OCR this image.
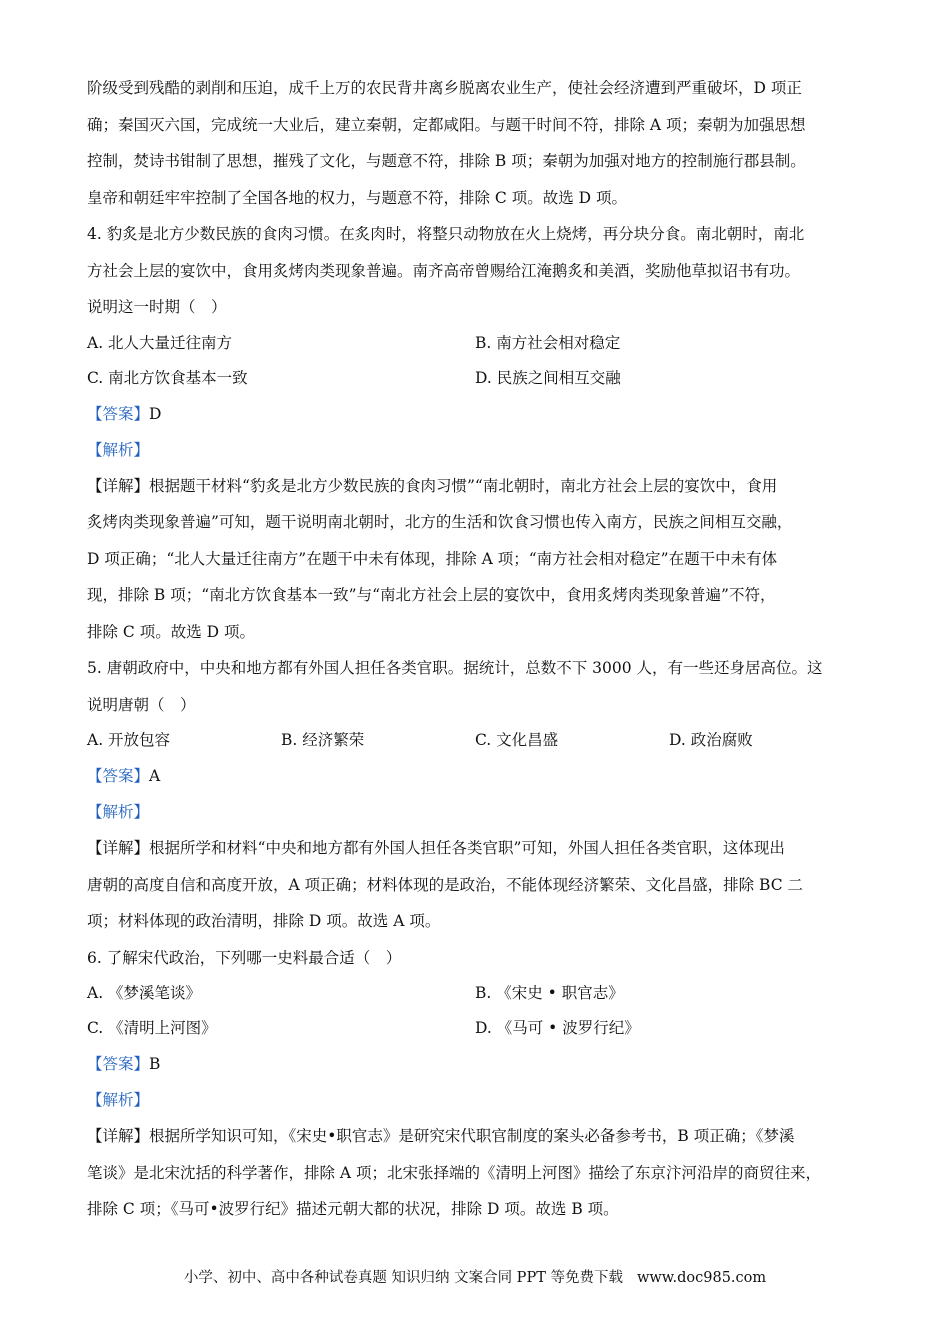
阶级受到残酷的剥削和压迫，成千上万的农民背井离乡脱离农业生产，使社会经济遭到严重破坏，D 项正

确；秦国灭六国，完成统一大业后，建立秦朝，定都咸阳。与题干时间不符，排除 A 项；秦朝为加强思想

控制，焚诗书钳制了思想，摧残了文化，与题意不符，排除 B 项；秦朝为加强对地方的控制施行郡县制。

皇帝和朝廷牢牢控制了全国各地的权力，与题意不符，排除 C 项。故选 D 项。

4. 豹炙是北方少数民族的食肉习惯。在炙肉时，将整只动物放在火上烧烤，再分块分食。南北朝时，南北

方社会上层的宴饮中，食用炙烤肉类现象普遍。南齐高帝曾赐给江淹鹅炙和美酒，奖励他草拟诏书有功。

说明这一时期（　）

A. 北人大量迁往南方	B. 南方社会相对稳定
C. 南北方饮食基本一致	D. 民族之间相互交融
【答案】D
【解析】

【详解】根据题干材料“豹炙是北方少数民族的食肉习惯”“南北朝时，南北方社会上层的宴饮中，食用

炙烤肉类现象普遍”可知，题干说明南北朝时，北方的生活和饮食习惯也传入南方，民族之间相互交融，

D 项正确；“北人大量迁往南方”在题干中未有体现，排除 A 项；“南方社会相对稳定”在题干中未有体

现，排除 B 项；“南北方饮食基本一致”与“南北方社会上层的宴饮中，食用炙烤肉类现象普遍”不符，

排除 C 项。故选 D 项。

5. 唐朝政府中，中央和地方都有外国人担任各类官职。据统计，总数不下 3000 人，有一些还身居高位。这

说明唐朝（　）

A. 开放包容	B. 经济繁荣	C. 文化昌盛	D. 政治腐败
【答案】A
【解析】

【详解】根据所学和材料“中央和地方都有外国人担任各类官职”可知，外国人担任各类官职，这体现出

唐朝的高度自信和高度开放，A 项正确；材料体现的是政治，不能体现经济繁荣、文化昌盛，排除 BC 二

项；材料体现的政治清明，排除 D 项。故选 A 项。

6. 了解宋代政治，下列哪一史料最合适（　）

A. 《梦溪笔谈》	B. 《宋史 • 职官志》
C. 《清明上河图》	D. 《马可 • 波罗行纪》
【答案】B
【解析】

【详解】根据所学知识可知，《宋史•职官志》是研究宋代职官制度的案头必备参考书，B 项正确；《梦溪

笔谈》是北宋沈括的科学著作，排除 A 项；北宋张择端的《清明上河图》描绘了东京汴河沿岸的商贸往来，

排除 C 项；《马可•波罗行纪》描述元朝大都的状况，排除 D 项。故选 B 项。

小学、初中、高中各种试卷真题 知识归纳 文案合同 PPT 等免费下载 www.doc985.com
